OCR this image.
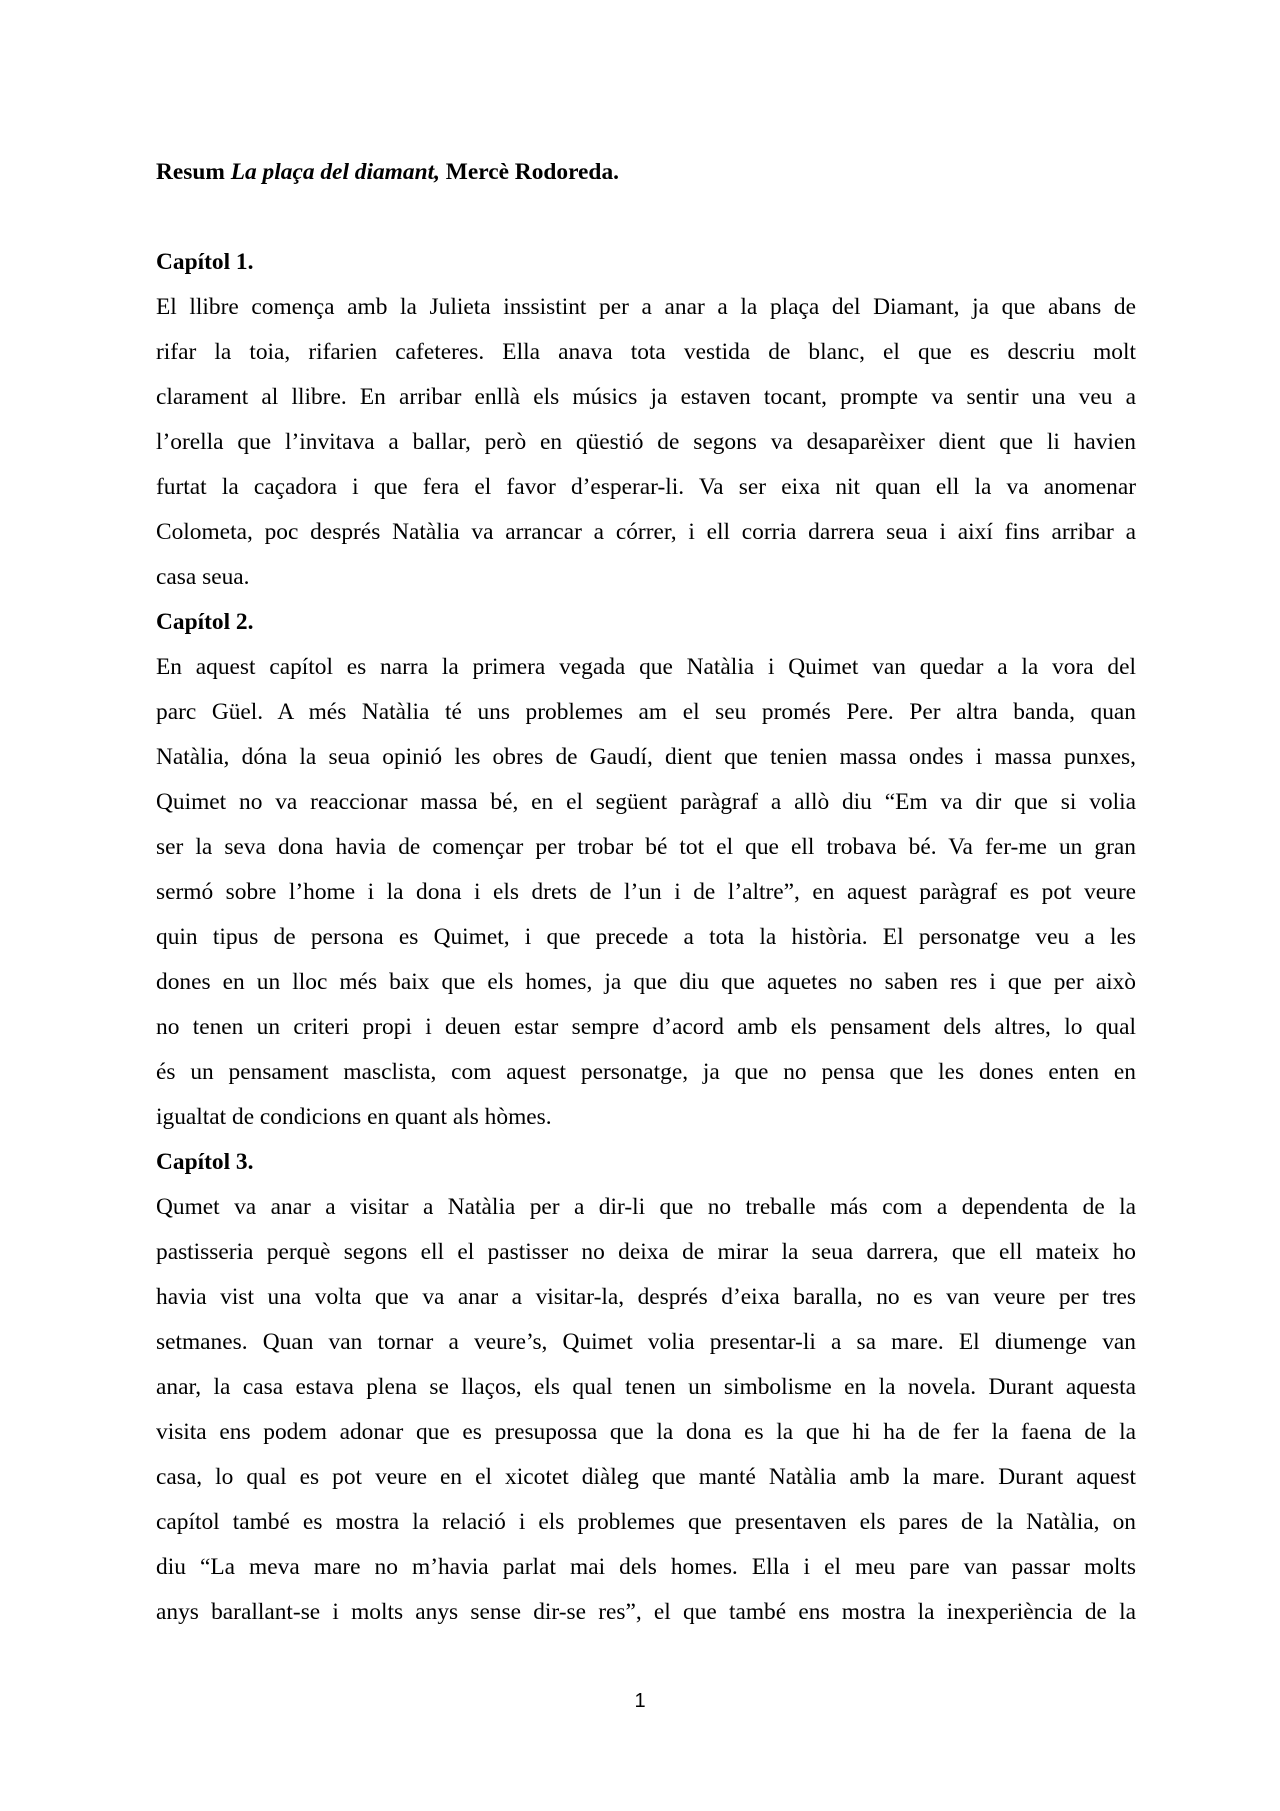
Resum La plaça del diamant, Mercè Rodoreda.

Capítol 1.

El llibre comença amb la Julieta inssistint per a anar a la plaça del Diamant, ja que abans de
rifar la toia, rifarien cafeteres. Ella anava tota vestida de blanc, el que es descriu molt
clarament al llibre. En arribar enllà els músics ja estaven tocant, prompte va sentir una veu a
l’orella que l’invitava a ballar, però en qüestió de segons va desaparèixer dient que li havien
furtat la caçadora i que fera el favor d’esperar-li. Va ser eixa nit quan ell la va anomenar
Colometa, poc després Natàlia va arrancar a córrer, i ell corria darrera seua i així fins arribar a
casa seua.

Capítol 2.

En aquest capítol es narra la primera vegada que Natàlia i Quimet van quedar a la vora del
parc Güel. A més Natàlia té uns problemes am el seu promés Pere. Per altra banda, quan
Natàlia, dóna la seua opinió les obres de Gaudí, dient que tenien massa ondes i massa punxes,
Quimet no va reaccionar massa bé, en el següent paràgraf a allò diu “Em va dir que si volia
ser la seva dona havia de començar per trobar bé tot el que ell trobava bé. Va fer-me un gran
sermó sobre l’home i la dona i els drets de l’un i de l’altre”, en aquest paràgraf es pot veure
quin tipus de persona es Quimet, i que precede a tota la història. El personatge veu a les
dones en un lloc més baix que els homes, ja que diu que aquetes no saben res i que per això
no tenen un criteri propi i deuen estar sempre d’acord amb els pensament dels altres, lo qual
és un pensament masclista, com aquest personatge, ja que no pensa que les dones enten en
igualtat de condicions en quant als hòmes.

Capítol 3.

Qumet va anar a visitar a Natàlia per a dir-li que no treballe más com a dependenta de la
pastisseria perquè segons ell el pastisser no deixa de mirar la seua darrera, que ell mateix ho
havia vist una volta que va anar a visitar-la, després d’eixa baralla, no es van veure per tres
setmanes. Quan van tornar a veure’s, Quimet volia presentar-li a sa mare. El diumenge van
anar, la casa estava plena se llaços, els qual tenen un simbolisme en la novela. Durant aquesta
visita ens podem adonar que es presupossa que la dona es la que hi ha de fer la faena de la
casa, lo qual es pot veure en el xicotet diàleg que manté Natàlia amb la mare. Durant aquest
capítol també es mostra la relació i els problemes que presentaven els pares de la Natàlia, on
diu “La meva mare no m’havia parlat mai dels homes. Ella i el meu pare van passar molts
anys barallant-se i molts anys sense dir-se res”, el que també ens mostra la inexperiència de la
1
